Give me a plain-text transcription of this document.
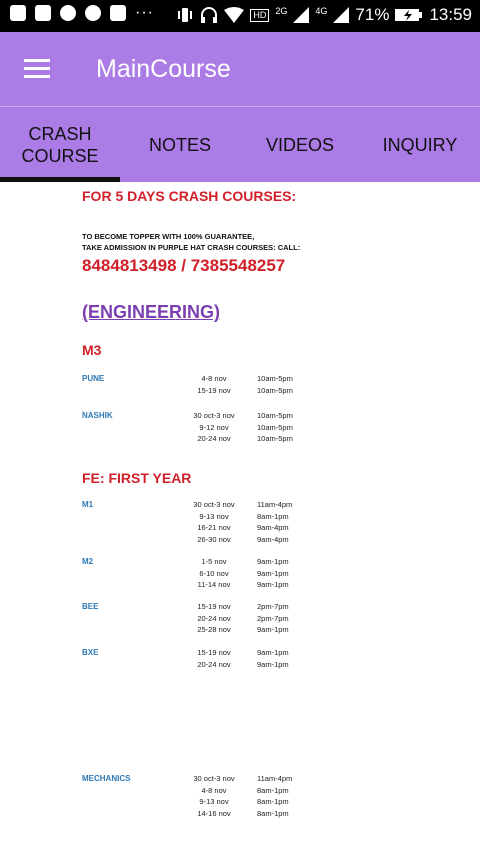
···	HD	2G	4G 71% 13:59
MainCourse
CRASH
COURSE
NOTES	VIDEOS	INQUIRY
FOR 5 DAYS CRASH COURSES:
TO BECOME TOPPER WITH 100% GUARANTEE,
TAKE ADMISSION IN PURPLE HAT CRASH COURSES: CALL:
8484813498 / 7385548257
(ENGINEERING)
M3
FE: FIRST YEAR
PUNE	4-8 nov	10am-5pm
15-19 nov	10am-5pm
NASHIK	30 oct-3 nov	10am-5pm
9-12 nov	10am-5pm
20-24 nov	10am-5pm
M1	30 oct-3 nov	11am-4pm
9-13 nov	8am-1pm
16-21 nov	9am-4pm
26-30 nov	9am-4pm
M2	1-5 nov	9am-1pm
6-10 nov	9am-1pm
11-14 nov	9am-1pm
BEE	15-19 nov	2pm-7pm
20-24 nov	2pm-7pm
25-28 nov	9am-1pm
BXE	15-19 nov	9am-1pm
20-24 nov	9am-1pm
MECHANICS	30 oct-3 nov	11am-4pm
4-8 nov	8am-1pm
9-13 nov	8am-1pm
14-16 nov	8am-1pm
